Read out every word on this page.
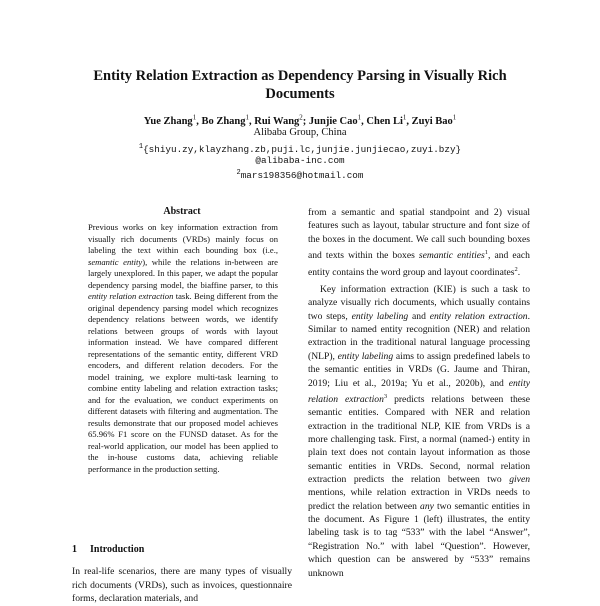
Entity Relation Extraction as Dependency Parsing in Visually Rich
Documents
Yue Zhang$^1$, Bo Zhang$^1$, Rui Wang$^2$; Junjie Cao$^1$, Chen Li$^1$, Zuyi Bao$^1$
Alibaba Group, China
$^1${shiyu.zy,klayzhang.zb,puji.lc,junjie.junjiecao,zuyi.bzy}
@alibaba-inc.com
$^2$mars198356@hotmail.com
Abstract
Previous works on key information extraction from visually rich documents (VRDs) mainly focus on labeling the text within each bounding box (i.e., semantic entity), while the relations in-between are largely unexplored. In this paper, we adapt the popular dependency parsing model, the biaffine parser, to this entity relation extraction task. Being different from the original dependency parsing model which recognizes dependency relations between words, we identify relations between groups of words with layout information instead. We have compared different representations of the semantic entity, different VRD encoders, and different relation decoders. For the model training, we explore multi-task learning to combine entity labeling and relation extraction tasks; and for the evaluation, we conduct experiments on different datasets with filtering and augmentation. The results demonstrate that our proposed model achieves 65.96% F1 score on the FUNSD dataset. As for the real-world application, our model has been applied to the in-house customs data, achieving reliable performance in the production setting.
1 Introduction
In real-life scenarios, there are many types of visually rich documents (VRDs), such as invoices, questionnaire forms, declaration materials, and

from a semantic and spatial standpoint and 2) visual features such as layout, tabular structure and font size of the boxes in the document. We call such bounding boxes and texts within the boxes semantic entities$^1$, and each entity contains the word group and layout coordinates$^2$.

Key information extraction (KIE) is such a task to analyze visually rich documents, which usually contains two steps, entity labeling and entity relation extraction. Similar to named entity recognition (NER) and relation extraction in the traditional natural language processing (NLP), entity labeling aims to assign predefined labels to the semantic entities in VRDs (G. Jaume and Thiran, 2019; Liu et al., 2019a; Yu et al., 2020b), and entity relation extraction$^3$ predicts relations between these semantic entities. Compared with NER and relation extraction in the traditional NLP, KIE from VRDs is a more challenging task. First, a normal (named-) entity in plain text does not contain layout information as those semantic entities in VRDs. Second, normal relation extraction predicts the relation between two given mentions, while relation extraction in VRDs needs to predict the relation between any two semantic entities in the document. As Figure 1 (left) illustrates, the entity labeling task is to tag “533” with the label “Answer”, “Registration No.” with label “Question”. However, which question can be answered by “533” remains unknown
